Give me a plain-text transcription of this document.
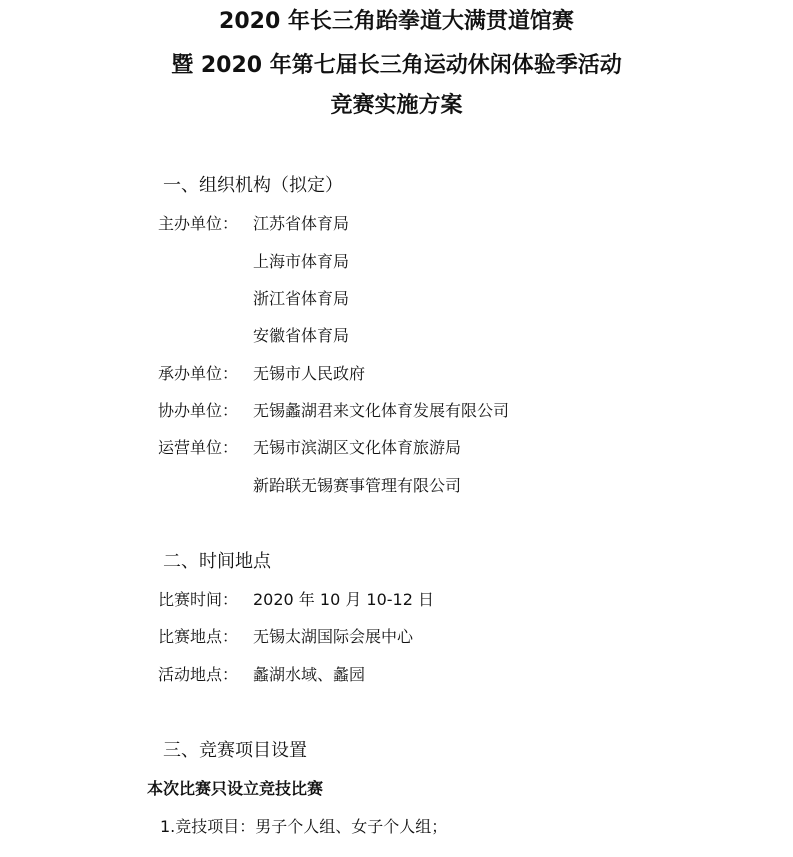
2020 年长三角跆拳道大满贯道馆赛
暨 2020 年第七届长三角运动休闲体验季活动
竞赛实施方案
一、组织机构（拟定）
主办单位： 江苏省体育局
上海市体育局
浙江省体育局
安徽省体育局
承办单位： 无锡市人民政府
协办单位： 无锡蠡湖君来文化体育发展有限公司
运营单位： 无锡市滨湖区文化体育旅游局
新跆联无锡赛事管理有限公司
二、时间地点
比赛时间： 2020 年 10 月 10-12 日
比赛地点： 无锡太湖国际会展中心
活动地点： 蠡湖水域、蠡园
三、竞赛项目设置
本次比赛只设立竞技比赛
1.竞技项目：男子个人组、女子个人组；
